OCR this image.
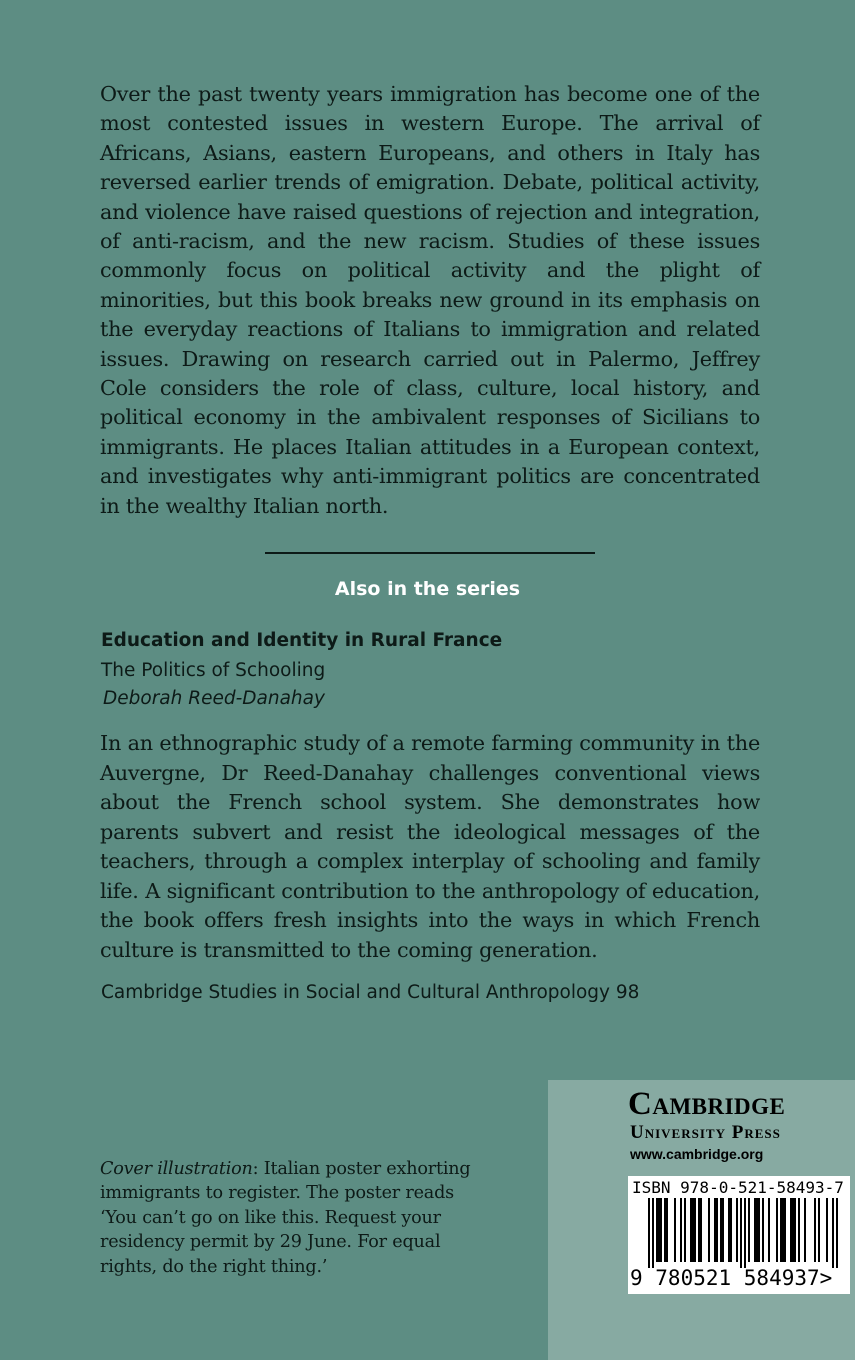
Over the past twenty years immigration has become one of the most contested issues in western Europe. The arrival of Africans, Asians, eastern Europeans, and others in Italy has reversed earlier trends of emigration. Debate, political activity, and violence have raised questions of rejection and integration, of anti-racism, and the new racism. Studies of these issues commonly focus on political activity and the plight of minorities, but this book breaks new ground in its emphasis on the everyday reactions of Italians to immigration and related issues. Drawing on research carried out in Palermo, Jeffrey Cole considers the role of class, culture, local history, and political economy in the ambivalent responses of Sicilians to immigrants. He places Italian attitudes in a European context, and investigates why anti-immigrant politics are concentrated in the wealthy Italian north.

Also in the series
Education and Identity in Rural France

The Politics of Schooling

Deborah Reed-Danahay

In an ethnographic study of a remote farming community in the Auvergne, Dr Reed-Danahay challenges conventional views about the French school system. She demonstrates how parents subvert and resist the ideological messages of the teachers, through a complex interplay of schooling and family life. A significant contribution to the anthropology of education, the book offers fresh insights into the ways in which French culture is transmitted to the coming generation.

Cambridge Studies in Social and Cultural Anthropology 98

Cover illustration: Italian poster exhorting immigrants to register. The poster reads ‘You can’t go on like this. Request your residency permit by 29 June. For equal rights, do the right thing.’

Cambridge

University Press

www.cambridge.org

ISBN 978-0-521-58493-7

9 780521 584937>
